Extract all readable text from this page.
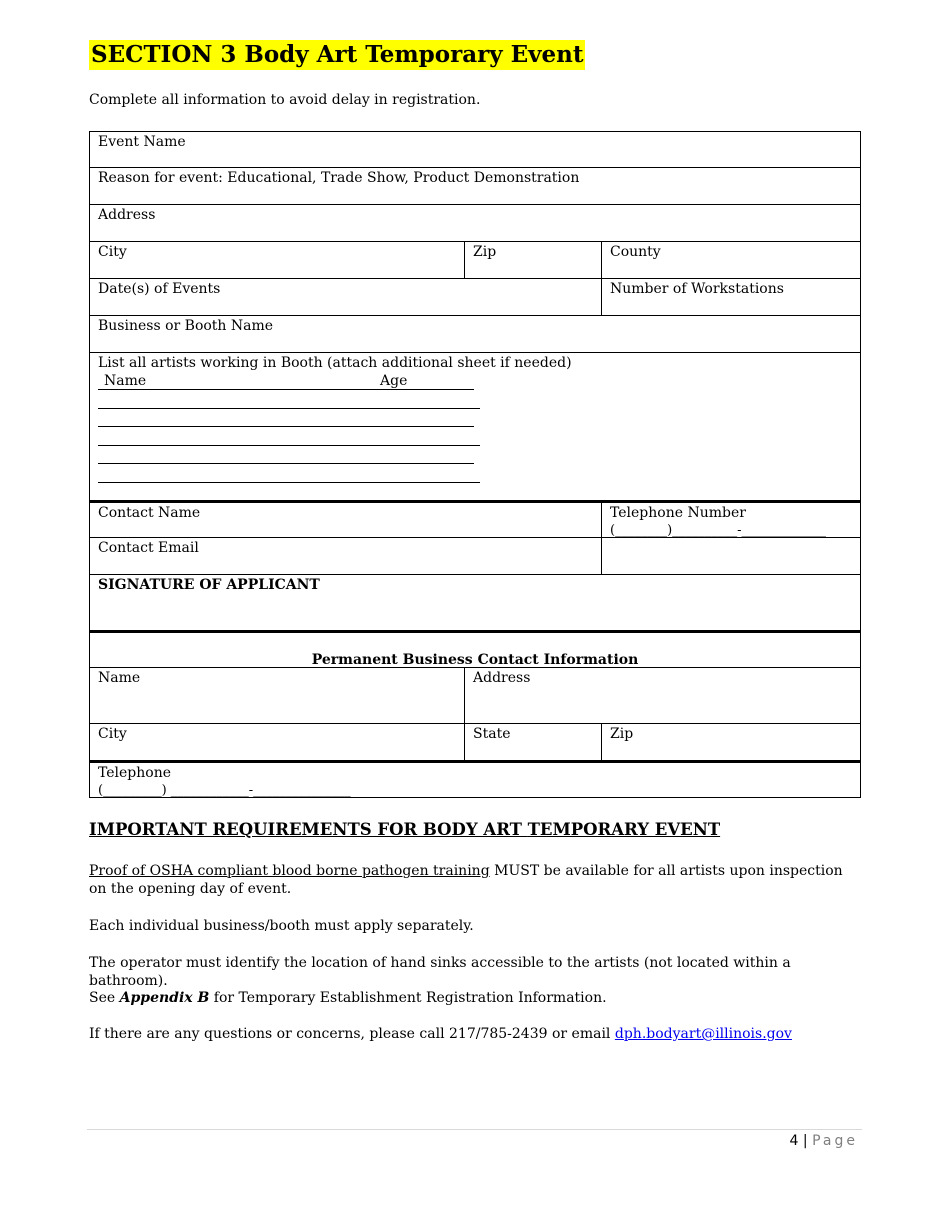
SECTION 3 Body Art Temporary Event

Complete all information to avoid delay in registration.

Event Name
Reason for event: Educational, Trade Show, Product Demonstration
Address
City	Zip	County
Date(s) of Events	Number of Workstations
Business or Booth Name
List all artists working in Booth (attach additional sheet if needed)
Name	Age
Contact Name	Telephone Number
(________)__________-_____________
Contact Email
SIGNATURE OF APPLICANT
Permanent Business Contact Information
Name	Address
City	State	Zip
Telephone
(_________) ____________-_______________
IMPORTANT REQUIREMENTS FOR BODY ART TEMPORARY EVENT

Proof of OSHA compliant blood borne pathogen training MUST be available for all artists upon inspection on the opening day of event.

Each individual business/booth must apply separately.

The operator must identify the location of hand sinks accessible to the artists (not located within a bathroom).

See Appendix B for Temporary Establishment Registration Information.

If there are any questions or concerns, please call 217/785-2439 or email dph.bodyart@illinois.gov

4 | Page
